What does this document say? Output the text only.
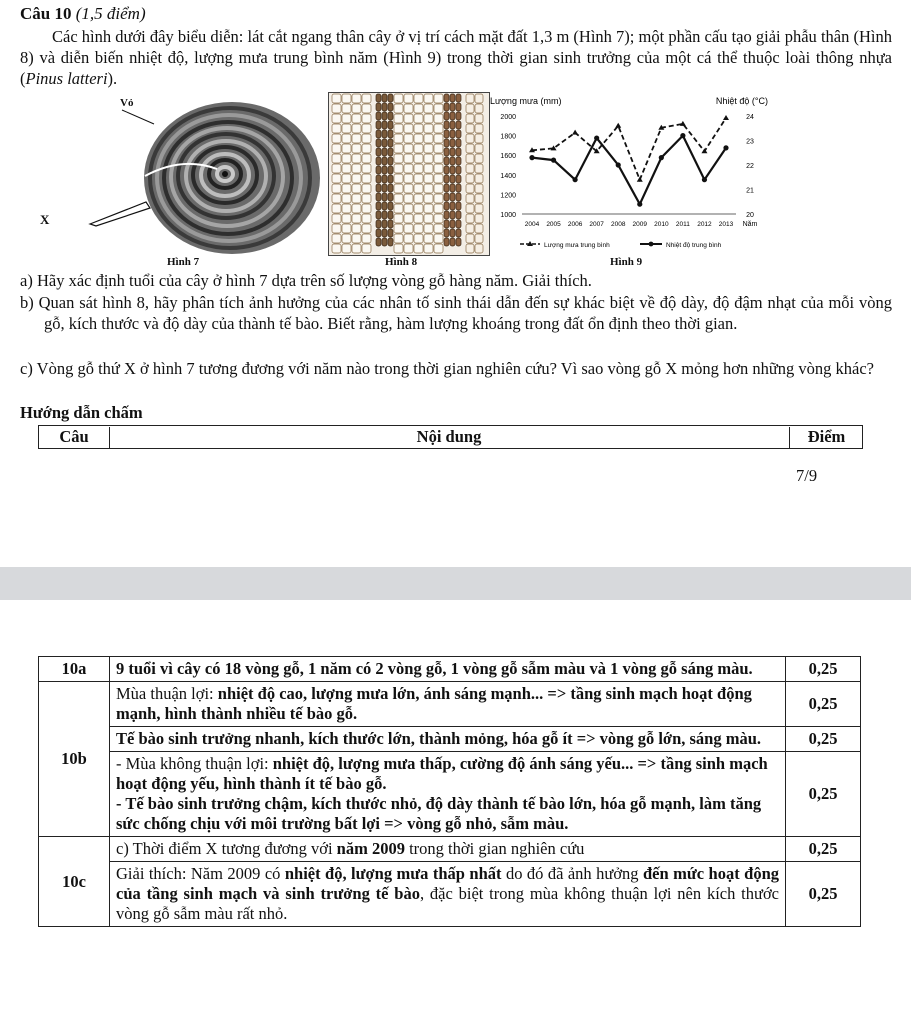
Câu 10 (1,5 điểm)
Các hình dưới đây biểu diễn: lát cắt ngang thân cây ở vị trí cách mặt đất 1,3 m (Hình 7); một phần cấu tạo giải phẫu thân (Hình 8) và diễn biến nhiệt độ, lượng mưa trung bình năm (Hình 9) trong thời gian sinh trưởng của một cá thể thuộc loài thông nhựa (Pinus latteri).
Vỏ
X
Hình 7	Hình 8
Lượng mưa (mm)	Nhiệt độ (°C)
1000
1200
1400
1600
1800
2000
20
21
22
23
24
2004 2005 2006 2007 2008 2009 2010 2011 2012 2013 Năm
Lượng mưa trung bình	Nhiệt độ trung bình
Hình 9
a) Hãy xác định tuổi của cây ở hình 7 dựa trên số lượng vòng gỗ hàng năm. Giải thích.
b) Quan sát hình 8, hãy phân tích ảnh hưởng của các nhân tố sinh thái dẫn đến sự khác biệt về độ dày, độ đậm nhạt của mỗi vòng gỗ, kích thước và độ dày của thành tế bào. Biết rằng, hàm lượng khoáng trong đất ổn định theo thời gian.
c) Vòng gỗ thứ X ở hình 7 tương đương với năm nào trong thời gian nghiên cứu? Vì sao vòng gỗ X mỏng hơn những vòng khác?
Hướng dẫn chấm
Câu	Nội dung	Điểm
7/9
10a	9 tuổi vì cây có 18 vòng gỗ, 1 năm có 2 vòng gỗ, 1 vòng gỗ sẫm màu và 1 vòng gỗ sáng màu.	0,25
10b	Mùa thuận lợi: nhiệt độ cao, lượng mưa lớn, ánh sáng mạnh... => tầng sinh mạch hoạt động mạnh, hình thành nhiều tế bào gỗ.	0,25
	Tế bào sinh trưởng nhanh, kích thước lớn, thành mỏng, hóa gỗ ít => vòng gỗ lớn, sáng màu.	0,25
	- Mùa không thuận lợi: nhiệt độ, lượng mưa thấp, cường độ ánh sáng yếu... => tầng sinh mạch hoạt động yếu, hình thành ít tế bào gỗ.
- Tế bào sinh trưởng chậm, kích thước nhỏ, độ dày thành tế bào lớn, hóa gỗ mạnh, làm tăng sức chống chịu với môi trường bất lợi => vòng gỗ nhỏ, sẫm màu.	0,25
10c	c) Thời điểm X tương đương với năm 2009 trong thời gian nghiên cứu	0,25
	Giải thích: Năm 2009 có nhiệt độ, lượng mưa thấp nhất do đó đã ảnh hưởng đến mức hoạt động của tầng sinh mạch và sinh trưởng tế bào, đặc biệt trong mùa không thuận lợi nên kích thước vòng gỗ sẫm màu rất nhỏ.	0,25
